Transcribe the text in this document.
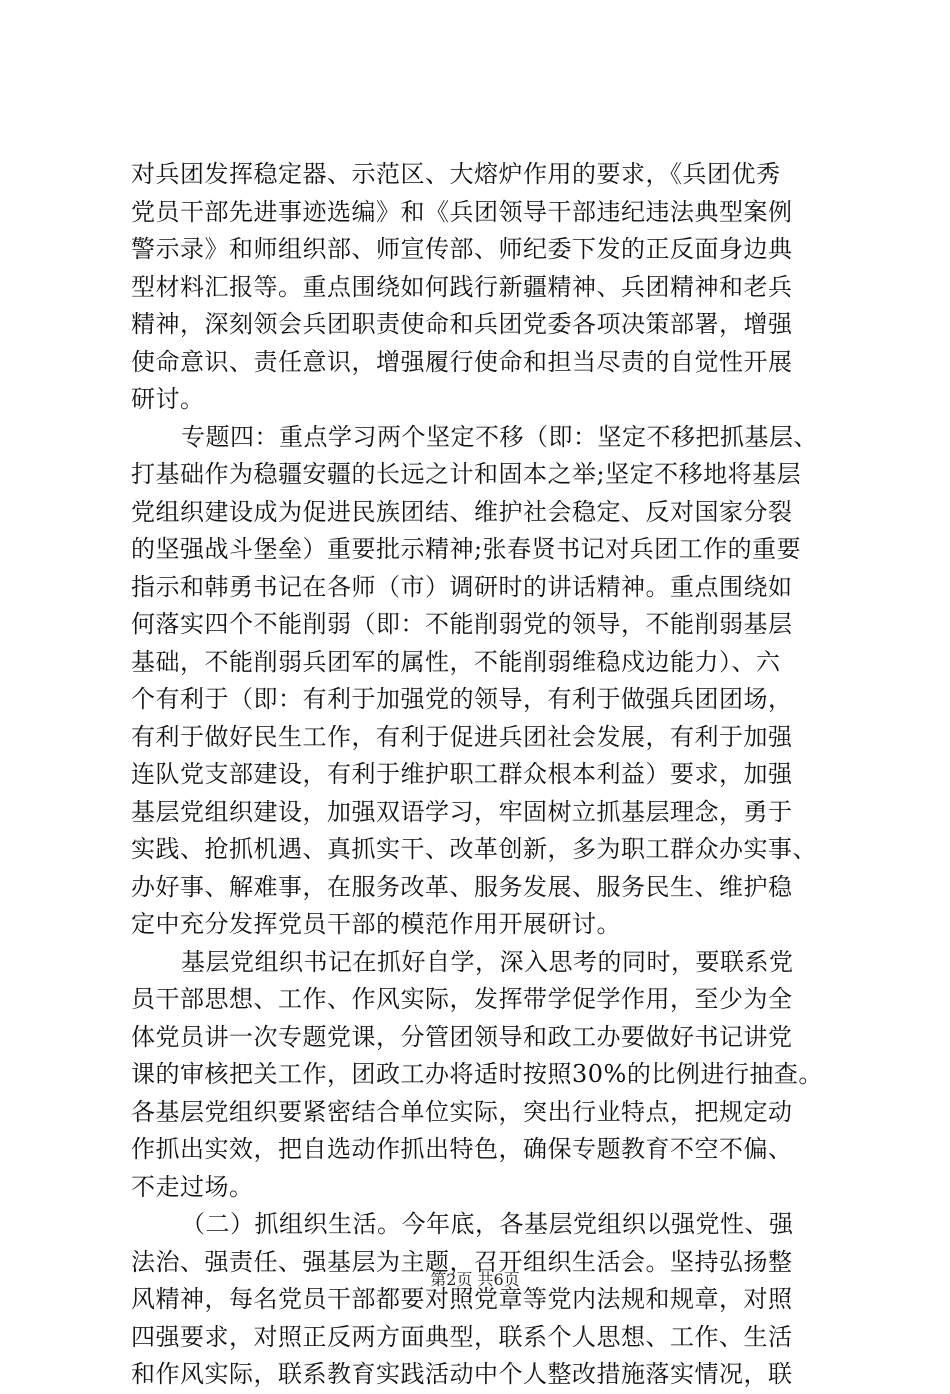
对兵团发挥稳定器、示范区、大熔炉作用的要求，《兵团优秀
党员干部先进事迹选编》和《兵团领导干部违纪违法典型案例
警示录》和师组织部、师宣传部、师纪委下发的正反面身边典
型材料汇报等。重点围绕如何践行新疆精神、兵团精神和老兵
精神，深刻领会兵团职责使命和兵团党委各项决策部署，增强
使命意识、责任意识，增强履行使命和担当尽责的自觉性开展
研讨。
专题四：重点学习两个坚定不移（即：坚定不移把抓基层、
打基础作为稳疆安疆的长远之计和固本之举;坚定不移地将基层
党组织建设成为促进民族团结、维护社会稳定、反对国家分裂
的坚强战斗堡垒）重要批示精神;张春贤书记对兵团工作的重要
指示和韩勇书记在各师（市）调研时的讲话精神。重点围绕如
何落实四个不能削弱（即：不能削弱党的领导，不能削弱基层
基础，不能削弱兵团军的属性，不能削弱维稳戍边能力）、六
个有利于（即：有利于加强党的领导，有利于做强兵团团场，
有利于做好民生工作，有利于促进兵团社会发展，有利于加强
连队党支部建设，有利于维护职工群众根本利益）要求，加强
基层党组织建设，加强双语学习，牢固树立抓基层理念，勇于
实践、抢抓机遇、真抓实干、改革创新，多为职工群众办实事、
办好事、解难事，在服务改革、服务发展、服务民生、维护稳
定中充分发挥党员干部的模范作用开展研讨。
基层党组织书记在抓好自学，深入思考的同时，要联系党
员干部思想、工作、作风实际，发挥带学促学作用，至少为全
体党员讲一次专题党课，分管团领导和政工办要做好书记讲党
课的审核把关工作，团政工办将适时按照30%的比例进行抽查。
各基层党组织要紧密结合单位实际，突出行业特点，把规定动
作抓出实效，把自选动作抓出特色，确保专题教育不空不偏、
不走过场。
（二）抓组织生活。今年底，各基层党组织以强党性、强
法治、强责任、强基层为主题，召开组织生活会。坚持弘扬整
风精神，每名党员干部都要对照党章等党内法规和规章，对照
四强要求，对照正反两方面典型，联系个人思想、工作、生活
和作风实际，联系教育实践活动中个人整改措施落实情况，联
第2页 共6页
